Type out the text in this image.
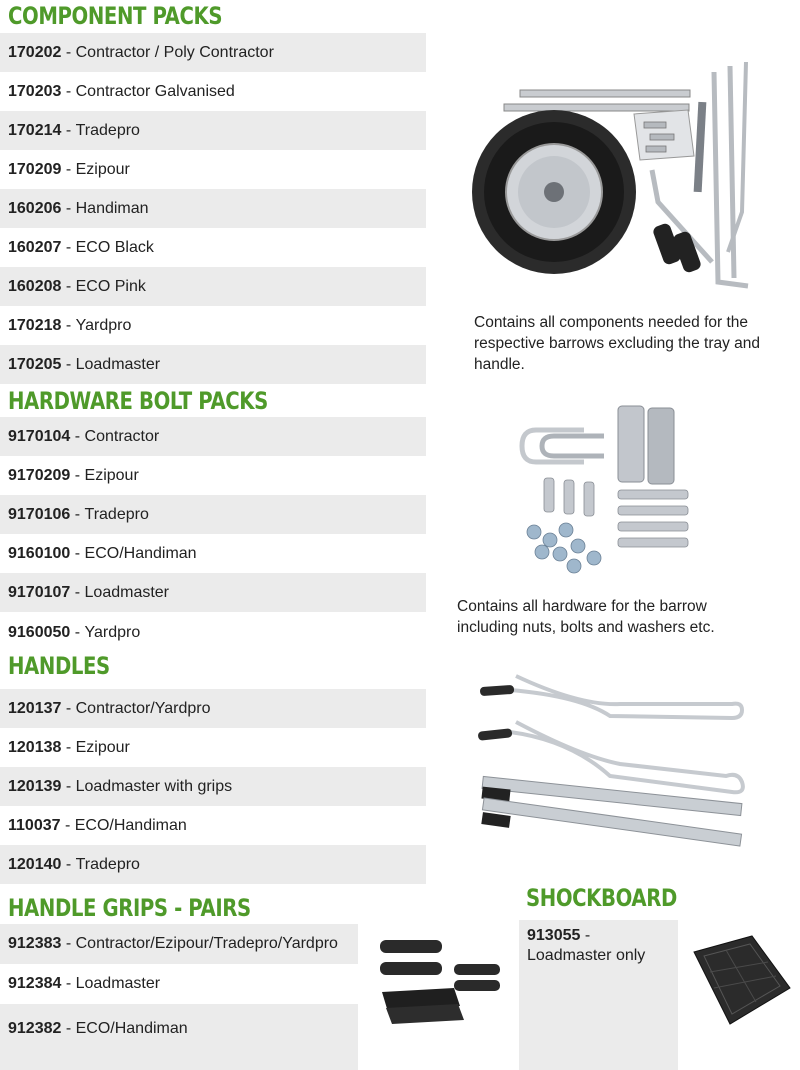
COMPONENT PACKS
170202 - Contractor / Poly Contractor
170203 - Contractor Galvanised
170214 - Tradepro
170209 - Ezipour
160206 - Handiman
160207 - ECO Black
160208 - ECO Pink
170218 - Yardpro
170205 - Loadmaster
Contains all components needed for the respective barrows excluding the tray and handle.
HARDWARE BOLT PACKS
9170104 - Contractor
9170209 - Ezipour
9170106 - Tradepro
9160100 - ECO/Handiman
9170107 - Loadmaster
9160050 - Yardpro
Contains all hardware for the barrow including nuts, bolts and washers etc.
HANDLES
120137 - Contractor/Yardpro
120138 - Ezipour
120139 - Loadmaster with grips
110037 - ECO/Handiman
120140 - Tradepro
HANDLE GRIPS - PAIRS
912383 - Contractor/Ezipour/Tradepro/Yardpro
912384 - Loadmaster
912382 - ECO/Handiman
SHOCKBOARD
913055 -
Loadmaster only
